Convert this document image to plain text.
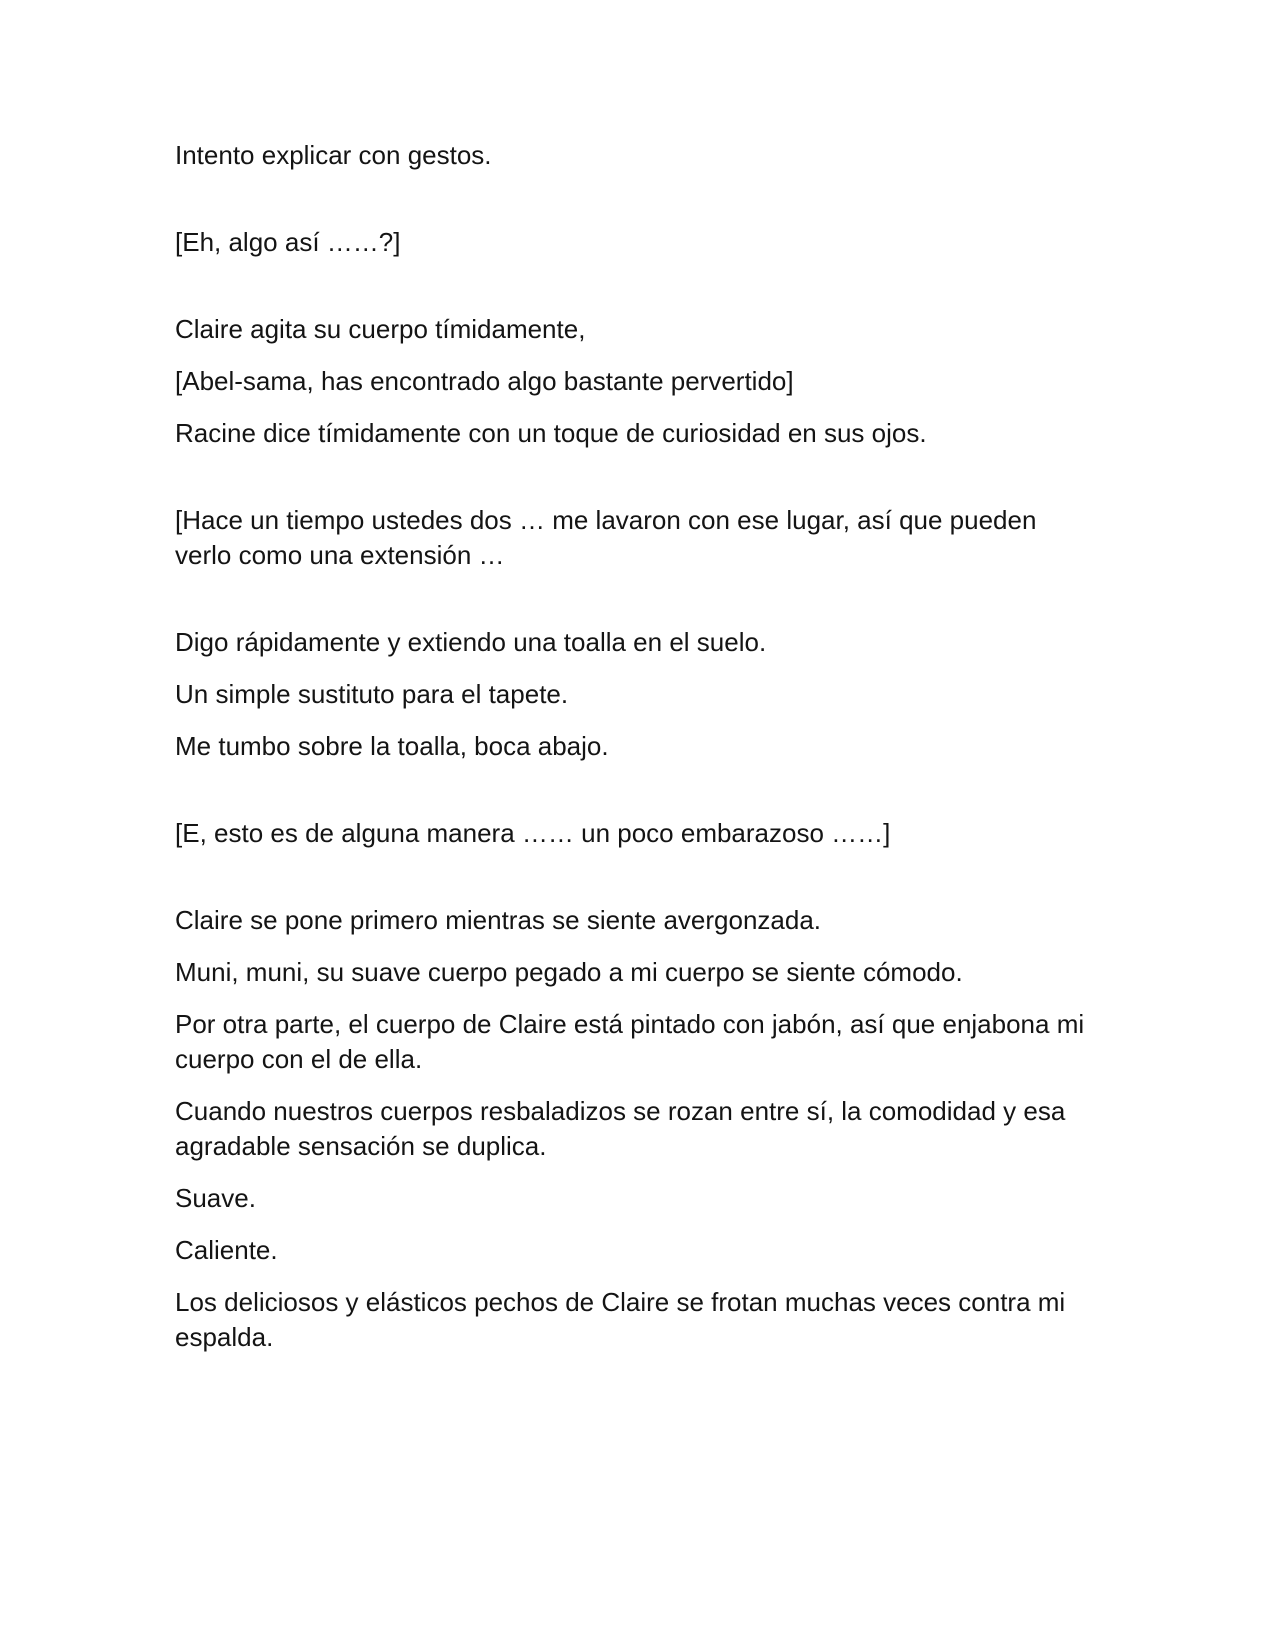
Intento explicar con gestos.

[Eh, algo así ……?]

Claire agita su cuerpo tímidamente,

[Abel-sama, has encontrado algo bastante pervertido]

Racine dice tímidamente con un toque de curiosidad en sus ojos.

[Hace un tiempo ustedes dos … me lavaron con ese lugar, así que pueden verlo como una extensión …

Digo rápidamente y extiendo una toalla en el suelo.

Un simple sustituto para el tapete.

Me tumbo sobre la toalla, boca abajo.

[E, esto es de alguna manera …… un poco embarazoso ……]

Claire se pone primero mientras se siente avergonzada.

Muni, muni, su suave cuerpo pegado a mi cuerpo se siente cómodo.

Por otra parte, el cuerpo de Claire está pintado con jabón, así que enjabona mi cuerpo con el de ella.

Cuando nuestros cuerpos resbaladizos se rozan entre sí, la comodidad y esa agradable sensación se duplica.

Suave.

Caliente.

Los deliciosos y elásticos pechos de Claire se frotan muchas veces contra mi espalda.
